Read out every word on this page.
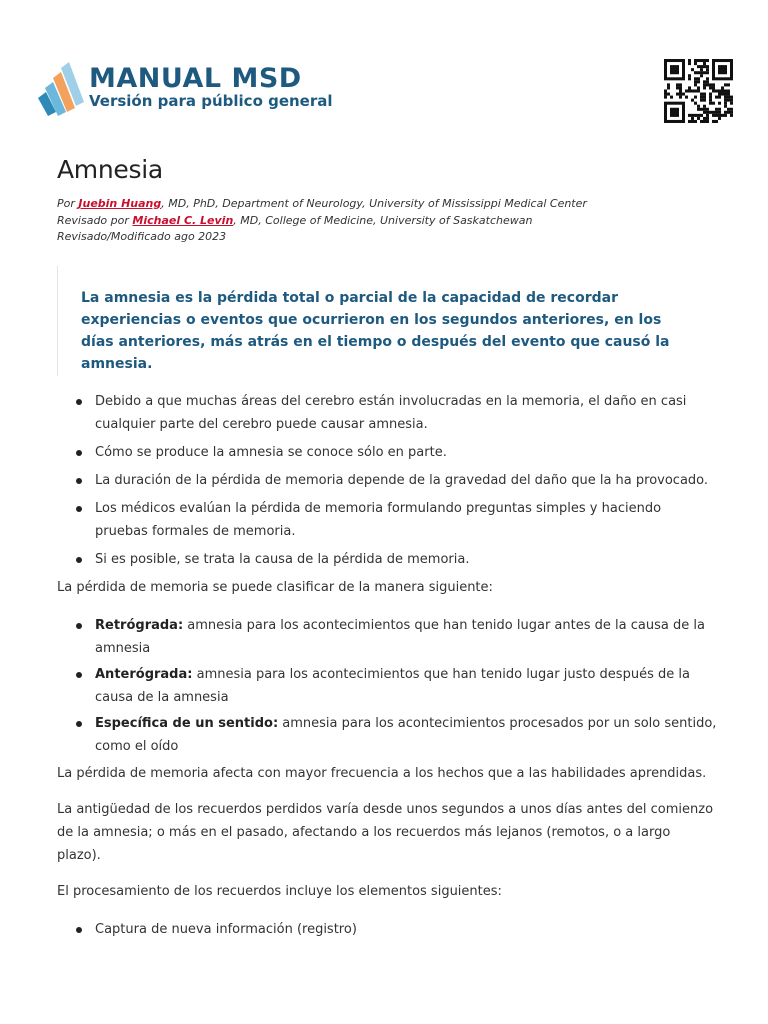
MANUAL MSD
Versión para público general
Amnesia
Por Juebin Huang, MD, PhD, Department of Neurology, University of Mississippi Medical Center
Revisado por Michael C. Levin, MD, College of Medicine, University of Saskatchewan
Revisado/Modificado ago 2023

La amnesia es la pérdida total o parcial de la capacidad de recordar experiencias o eventos que ocurrieron en los segundos anteriores, en los días anteriores, más atrás en el tiempo o después del evento que causó la amnesia.

Debido a que muchas áreas del cerebro están involucradas en la memoria, el daño en casi cualquier parte del cerebro puede causar amnesia.
Cómo se produce la amnesia se conoce sólo en parte.
La duración de la pérdida de memoria depende de la gravedad del daño que la ha provocado.
Los médicos evalúan la pérdida de memoria formulando preguntas simples y haciendo pruebas formales de memoria.
Si es posible, se trata la causa de la pérdida de memoria.

La pérdida de memoria se puede clasificar de la manera siguiente:

Retrógrada: amnesia para los acontecimientos que han tenido lugar antes de la causa de la amnesia
Anterógrada: amnesia para los acontecimientos que han tenido lugar justo después de la causa de la amnesia
Específica de un sentido: amnesia para los acontecimientos procesados por un solo sentido, como el oído

La pérdida de memoria afecta con mayor frecuencia a los hechos que a las habilidades aprendidas.

La antigüedad de los recuerdos perdidos varía desde unos segundos a unos días antes del comienzo de la amnesia; o más en el pasado, afectando a los recuerdos más lejanos (remotos, o a largo plazo).

El procesamiento de los recuerdos incluye los elementos siguientes:

Captura de nueva información (registro)
